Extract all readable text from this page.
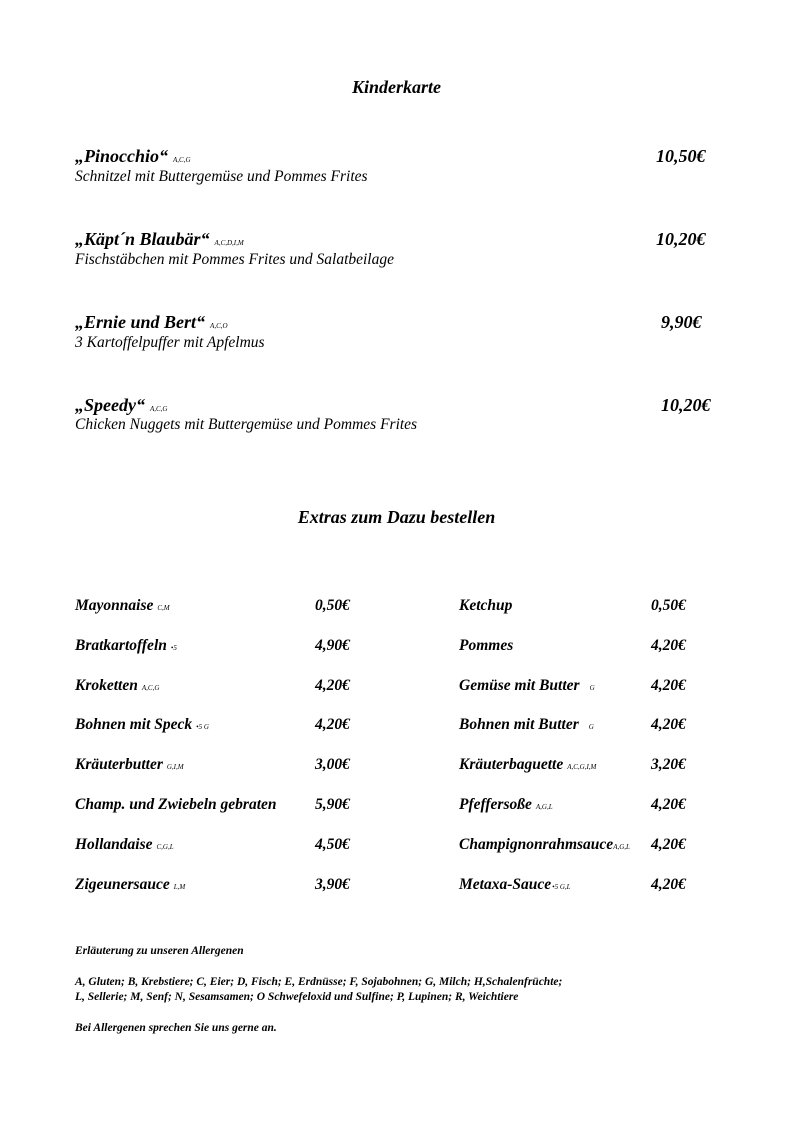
Kinderkarte
„Pinocchio“ A,C,G
Schnitzel mit Buttergemüse und Pommes Frites
10,50€
„Käpt´n Blaubär“ A,C,D,I,M
Fischstäbchen mit Pommes Frites und Salatbeilage
10,20€
„Ernie und Bert“ A,C,O
3 Kartoffelpuffer mit Apfelmus
9,90€
„Speedy“ A,C,G
Chicken Nuggets mit Buttergemüse und Pommes Frites
10,20€
Extras zum Dazu bestellen
Mayonnaise C,M	0,50€
Bratkartoffeln •5	4,90€
Kroketten A,C,G	4,20€
Bohnen mit Speck •5 G	4,20€
Kräuterbutter G,I,M	3,00€
Champ. und Zwiebeln gebraten 5,90€
Hollandaise C,G,L	4,50€
Zigeunersauce L,M	3,90€
Ketchup	0,50€
Pommes	4,20€
Gemüse mit Butter G	4,20€
Bohnen mit Butter G	4,20€
Kräuterbaguette A,C,G,I,M	3,20€
Pfeffersoße A,G,L	4,20€
ChampignonrahmsauceA,G,L 4,20€
Metaxa-Sauce•5 G,L	4,20€
Erläuterung zu unseren Allergenen
A, Gluten; B, Krebstiere; C, Eier; D, Fisch; E, Erdnüsse; F, Sojabohnen; G, Milch; H,Schalenfrüchte;
L, Sellerie; M, Senf; N, Sesamsamen; O Schwefeloxid und Sulfine; P, Lupinen; R, Weichtiere
Bei Allergenen sprechen Sie uns gerne an.
